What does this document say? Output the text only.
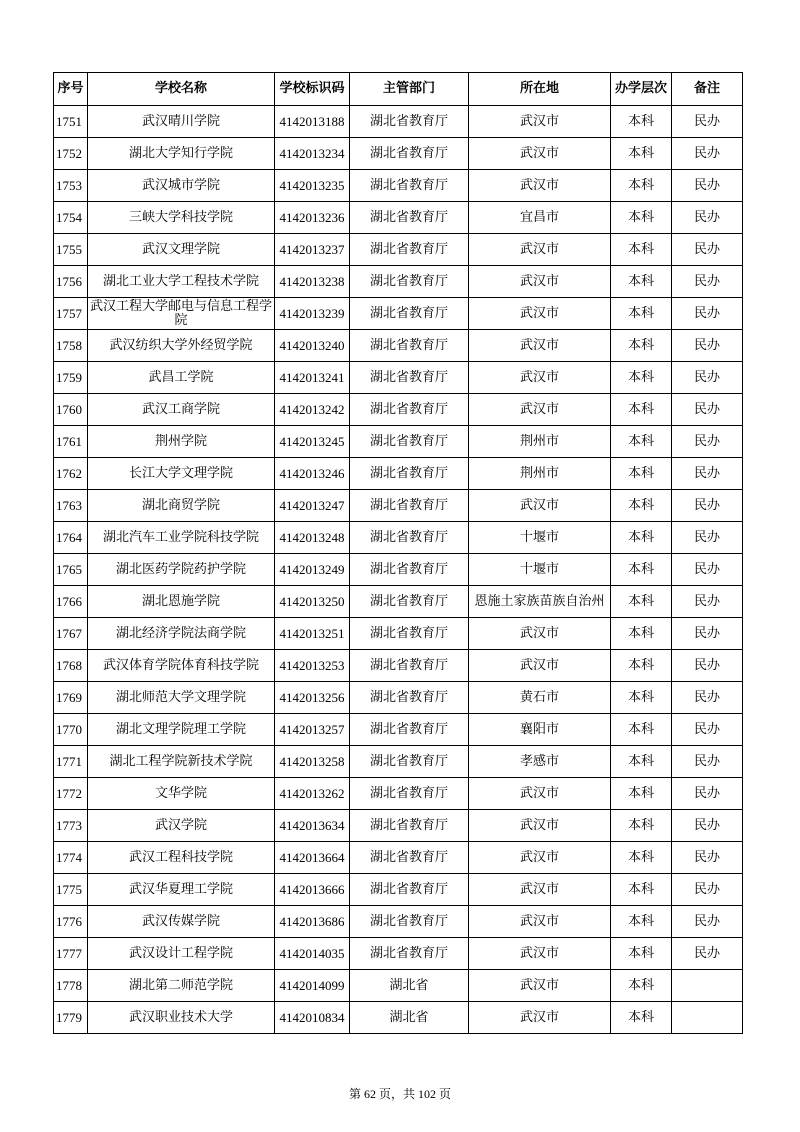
序号	学校名称	学校标识码	主管部门	所在地	办学层次	备注
1751	武汉晴川学院	4142013188	湖北省教育厅	武汉市	本科	民办
1752	湖北大学知行学院	4142013234	湖北省教育厅	武汉市	本科	民办
1753	武汉城市学院	4142013235	湖北省教育厅	武汉市	本科	民办
1754	三峡大学科技学院	4142013236	湖北省教育厅	宜昌市	本科	民办
1755	武汉文理学院	4142013237	湖北省教育厅	武汉市	本科	民办
1756	湖北工业大学工程技术学院	4142013238	湖北省教育厅	武汉市	本科	民办
1757	武汉工程大学邮电与信息工程学院	4142013239	湖北省教育厅	武汉市	本科	民办
1758	武汉纺织大学外经贸学院	4142013240	湖北省教育厅	武汉市	本科	民办
1759	武昌工学院	4142013241	湖北省教育厅	武汉市	本科	民办
1760	武汉工商学院	4142013242	湖北省教育厅	武汉市	本科	民办
1761	荆州学院	4142013245	湖北省教育厅	荆州市	本科	民办
1762	长江大学文理学院	4142013246	湖北省教育厅	荆州市	本科	民办
1763	湖北商贸学院	4142013247	湖北省教育厅	武汉市	本科	民办
1764	湖北汽车工业学院科技学院	4142013248	湖北省教育厅	十堰市	本科	民办
1765	湖北医药学院药护学院	4142013249	湖北省教育厅	十堰市	本科	民办
1766	湖北恩施学院	4142013250	湖北省教育厅	恩施土家族苗族自治州	本科	民办
1767	湖北经济学院法商学院	4142013251	湖北省教育厅	武汉市	本科	民办
1768	武汉体育学院体育科技学院	4142013253	湖北省教育厅	武汉市	本科	民办
1769	湖北师范大学文理学院	4142013256	湖北省教育厅	黄石市	本科	民办
1770	湖北文理学院理工学院	4142013257	湖北省教育厅	襄阳市	本科	民办
1771	湖北工程学院新技术学院	4142013258	湖北省教育厅	孝感市	本科	民办
1772	文华学院	4142013262	湖北省教育厅	武汉市	本科	民办
1773	武汉学院	4142013634	湖北省教育厅	武汉市	本科	民办
1774	武汉工程科技学院	4142013664	湖北省教育厅	武汉市	本科	民办
1775	武汉华夏理工学院	4142013666	湖北省教育厅	武汉市	本科	民办
1776	武汉传媒学院	4142013686	湖北省教育厅	武汉市	本科	民办
1777	武汉设计工程学院	4142014035	湖北省教育厅	武汉市	本科	民办
1778	湖北第二师范学院	4142014099	湖北省	武汉市	本科	
1779	武汉职业技术大学	4142010834	湖北省	武汉市	本科	
第 62 页，共 102 页
